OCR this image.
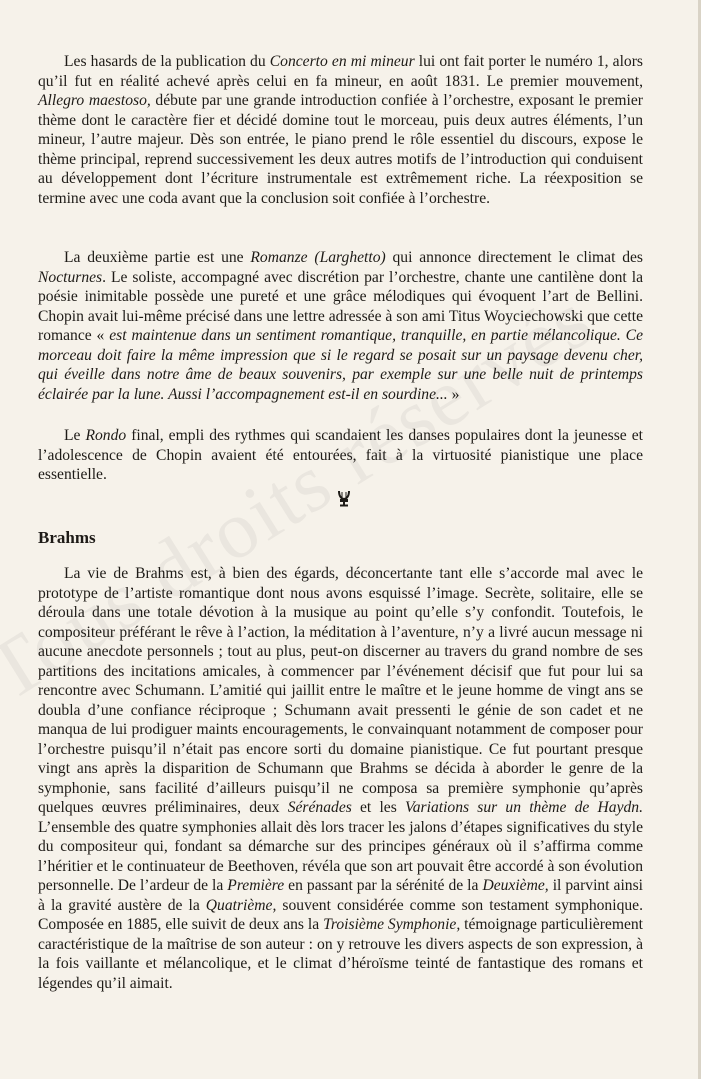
Les hasards de la publication du Concerto en mi mineur lui ont fait porter le numéro 1, alors qu’il fut en réalité achevé après celui en fa mineur, en août 1831. Le premier mouvement, Allegro maestoso, débute par une grande introduction confiée à l’orchestre, exposant le premier thème dont le caractère fier et décidé domine tout le morceau, puis deux autres éléments, l’un mineur, l’autre majeur. Dès son entrée, le piano prend le rôle essentiel du discours, expose le thème principal, reprend successivement les deux autres motifs de l’introduction qui conduisent au développement dont l’écriture instrumentale est extrêmement riche. La réexposition se termine avec une coda avant que la conclusion soit confiée à l’orchestre.

La deuxième partie est une Romanze (Larghetto) qui annonce directement le climat des Nocturnes. Le soliste, accompagné avec discrétion par l’orchestre, chante une cantilène dont la poésie inimitable possède une pureté et une grâce mélodiques qui évoquent l’art de Bellini. Chopin avait lui-même précisé dans une lettre adressée à son ami Titus Woyciechowski que cette romance « est maintenue dans un sentiment romantique, tranquille, en partie mélancolique. Ce morceau doit faire la même impression que si le regard se posait sur un paysage devenu cher, qui éveille dans notre âme de beaux souvenirs, par exemple sur une belle nuit de printemps éclairée par la lune. Aussi l’accompagnement est-il en sourdine... »

Le Rondo final, empli des rythmes qui scandaient les danses populaires dont la jeunesse et l’adolescence de Chopin avaient été entourées, fait à la virtuosité pianistique une place essentielle.

Brahms

La vie de Brahms est, à bien des égards, déconcertante tant elle s’accorde mal avec le prototype de l’artiste romantique dont nous avons esquissé l’image. Secrète, solitaire, elle se déroula dans une totale dévotion à la musique au point qu’elle s’y confondit. Toutefois, le compositeur préférant le rêve à l’action, la méditation à l’aventure, n’y a livré aucun message ni aucune anecdote personnels ; tout au plus, peut-on discerner au travers du grand nombre de ses partitions des incitations amicales, à commencer par l’événement décisif que fut pour lui sa rencontre avec Schumann. L’amitié qui jaillit entre le maître et le jeune homme de vingt ans se doubla d’une confiance réciproque ; Schumann avait pressenti le génie de son cadet et ne manqua de lui prodiguer maints encouragements, le convainquant notamment de composer pour l’orchestre puisqu’il n’était pas encore sorti du domaine pianistique. Ce fut pourtant presque vingt ans après la disparition de Schumann que Brahms se décida à aborder le genre de la symphonie, sans facilité d’ailleurs puisqu’il ne composa sa première symphonie qu’après quelques œuvres préliminaires, deux Sérénades et les Variations sur un thème de Haydn. L’ensemble des quatre symphonies allait dès lors tracer les jalons d’étapes significatives du style du compositeur qui, fondant sa démarche sur des principes généraux où il s’affirma comme l’héritier et le continuateur de Beethoven, révéla que son art pouvait être accordé à son évolution personnelle. De l’ardeur de la Première en passant par la sérénité de la Deuxième, il parvint ainsi à la gravité austère de la Quatrième, souvent considérée comme son testament symphonique. Composée en 1885, elle suivit de deux ans la Troisième Symphonie, témoignage particulièrement caractéristique de la maîtrise de son auteur : on y retrouve les divers aspects de son expression, à la fois vaillante et mélancolique, et le climat d’héroïsme teinté de fantastique des romans et légendes qu’il aimait.
